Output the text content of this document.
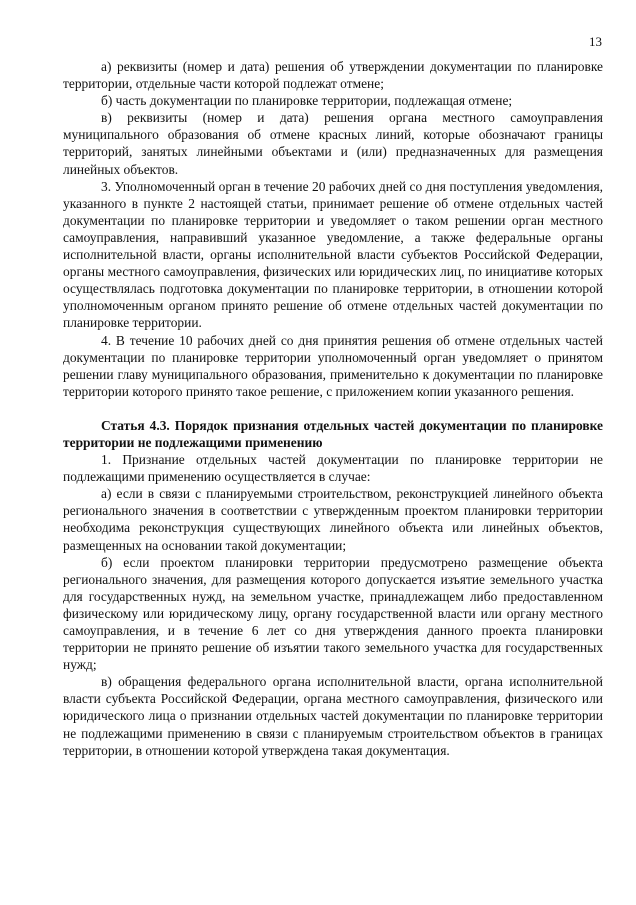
13

а) реквизиты (номер и дата) решения об утверждении документации по планировке территории, отдельные части которой подлежат отмене;

б) часть документации по планировке территории, подлежащая отмене;

в) реквизиты (номер и дата) решения органа местного самоуправления муниципального образования об отмене красных линий, которые обозначают границы территорий, занятых линейными объектами и (или) предназначенных для размещения линейных объектов.

3. Уполномоченный орган в течение 20 рабочих дней со дня поступления уведомления, указанного в пункте 2 настоящей статьи, принимает решение об отмене отдельных частей документации по планировке территории и уведомляет о таком решении орган местного самоуправления, направивший указанное уведомление, а также федеральные органы исполнительной власти, органы исполнительной власти субъектов Российской Федерации, органы местного самоуправления, физических или юридических лиц, по инициативе которых осуществлялась подготовка документации по планировке территории, в отношении которой уполномоченным органом принято решение об отмене отдельных частей документации по планировке территории.

4. В течение 10 рабочих дней со дня принятия решения об отмене отдельных частей документации по планировке территории уполномоченный орган уведомляет о принятом решении главу муниципального образования, применительно к документации по планировке территории которого принято такое решение, с приложением копии указанного решения.

Статья 4.3. Порядок признания отдельных частей документации по планировке территории не подлежащими применению

1. Признание отдельных частей документации по планировке территории не подлежащими применению осуществляется в случае:

а) если в связи с планируемыми строительством, реконструкцией линейного объекта регионального значения в соответствии с утвержденным проектом планировки территории необходима реконструкция существующих линейного объекта или линейных объектов, размещенных на основании такой документации;

б) если проектом планировки территории предусмотрено размещение объекта регионального значения, для размещения которого допускается изъятие земельного участка для государственных нужд, на земельном участке, принадлежащем либо предоставленном физическому или юридическому лицу, органу государственной власти или органу местного самоуправления, и в течение 6 лет со дня утверждения данного проекта планировки территории не принято решение об изъятии такого земельного участка для государственных нужд;

в) обращения федерального органа исполнительной власти, органа исполнительной власти субъекта Российской Федерации, органа местного самоуправления, физического или юридического лица о признании отдельных частей документации по планировке территории не подлежащими применению в связи с планируемым строительством объектов в границах территории, в отношении которой утверждена такая документация.
